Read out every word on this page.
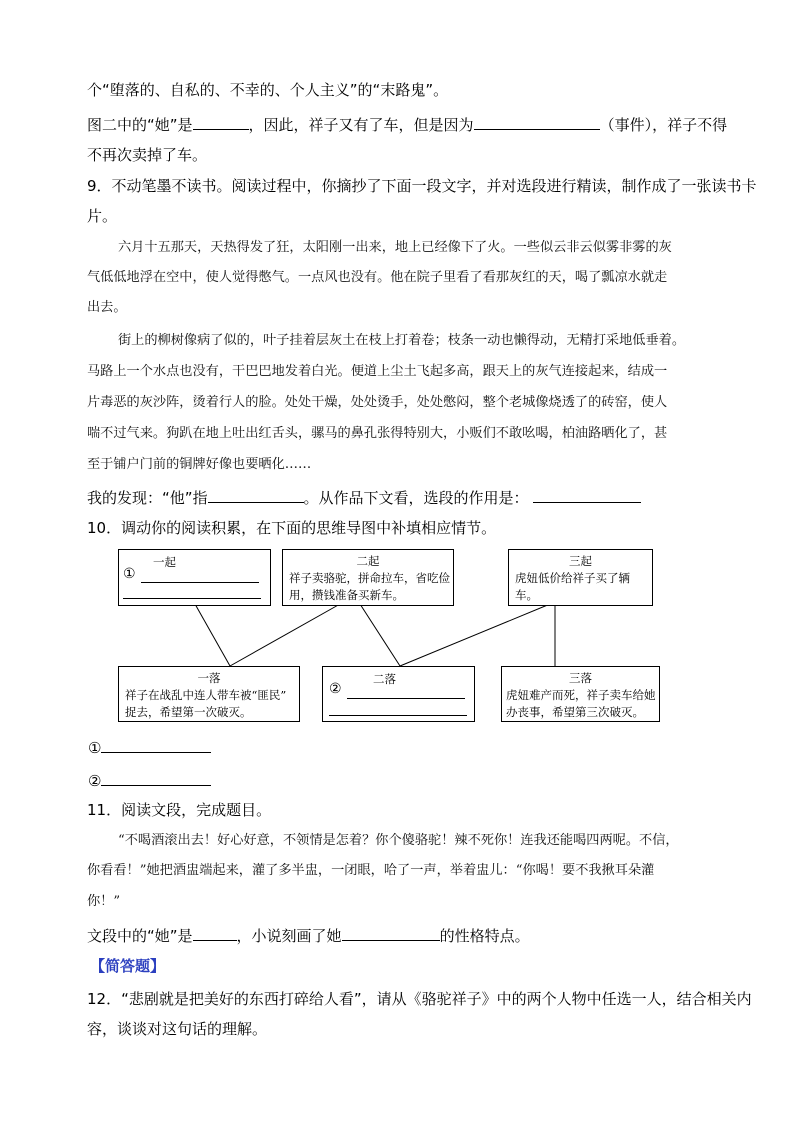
个“堕落的、自私的、不幸的、个人主义”的“末路鬼”。
图二中的“她”是	，因此，祥子又有了车，但是因为	（事件），祥子不得
不再次卖掉了车。
9．不动笔墨不读书。阅读过程中，你摘抄了下面一段文字，并对选段进行精读，制作成了一张读书卡
片。
六月十五那天，天热得发了狂，太阳刚一出来，地上已经像下了火。一些似云非云似雾非雾的灰
气低低地浮在空中，使人觉得憋气。一点风也没有。他在院子里看了看那灰红的天，喝了瓢凉水就走
出去。
街上的柳树像病了似的，叶子挂着层灰土在枝上打着卷；枝条一动也懒得动，无精打采地低垂着。
马路上一个水点也没有，干巴巴地发着白光。便道上尘土飞起多高，跟天上的灰气连接起来，结成一
片毒恶的灰沙阵，烫着行人的脸。处处干燥，处处烫手，处处憋闷，整个老城像烧透了的砖窑，使人
喘不过气来。狗趴在地上吐出红舌头，骡马的鼻孔张得特别大，小贩们不敢吆喝，柏油路晒化了，甚
至于铺户门前的铜牌好像也要晒化……
我的发现：“他”指	。从作品下文看，选段的作用是：
10．调动你的阅读积累，在下面的思维导图中补填相应情节。
一起
①
二起
祥子卖骆驼，拼命拉车，省吃俭
用，攒钱准备买新车。
三起
虎妞低价给祥子买了辆
车。
一落
祥子在战乱中连人带车被“匪民”
捉去，希望第一次破灭。
二落
②
三落
虎妞难产而死，祥子卖车给她
办丧事，希望第三次破灭。
①
②
11．阅读文段，完成题目。
“不喝酒滚出去！好心好意，不领情是怎着？你个傻骆驼！辣不死你！连我还能喝四两呢。不信，
你看看！”她把酒盅端起来，灌了多半盅，一闭眼，哈了一声，举着盅儿：“你喝！要不我揪耳朵灌
你！”
文段中的“她”是	，小说刻画了她	的性格特点。
【简答题】
12．“悲剧就是把美好的东西打碎给人看”，请从《骆驼祥子》中的两个人物中任选一人，结合相关内
容，谈谈对这句话的理解。
